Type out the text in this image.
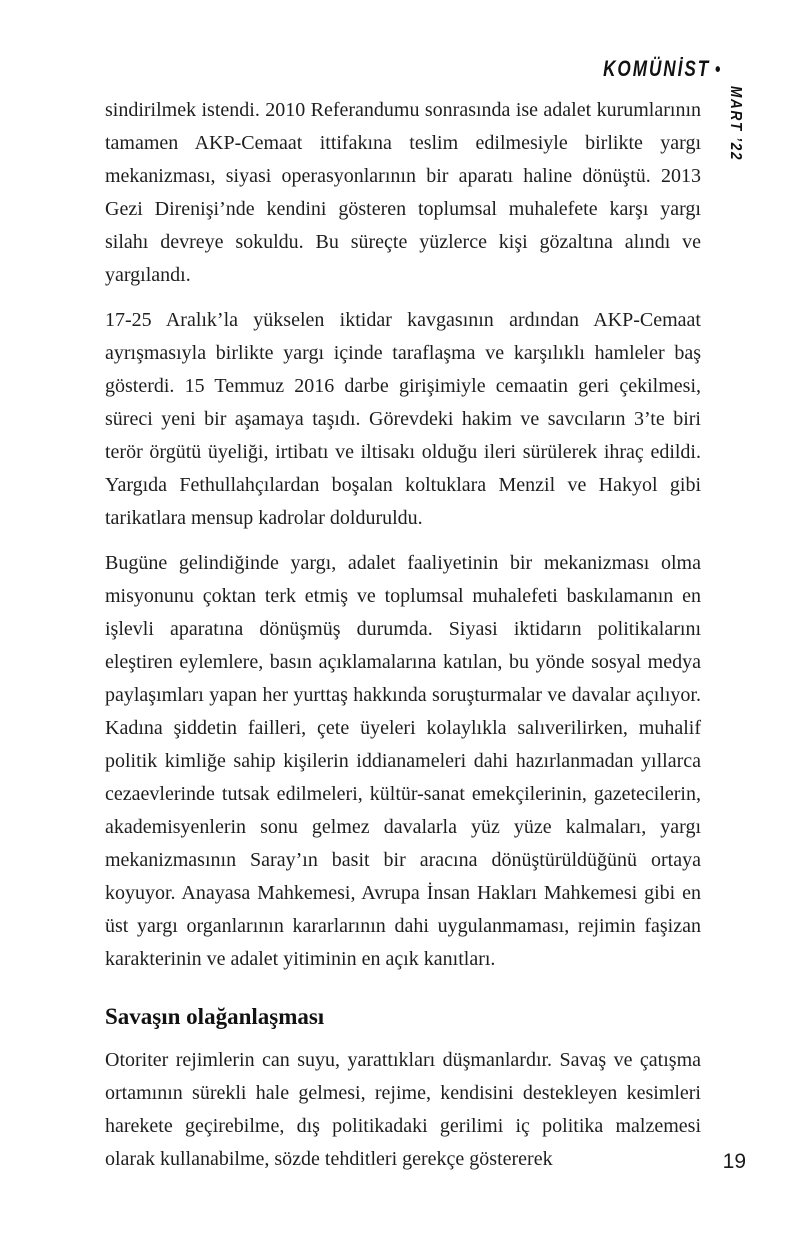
KOMÜNİST •
MART ’22

sindirilmek istendi. 2010 Referandumu sonrasında ise adalet kurumlarının tamamen AKP-Cemaat ittifakına teslim edilmesiyle birlikte yargı mekanizması, siyasi operasyonlarının bir aparatı haline dönüştü. 2013 Gezi Direnişi’nde kendini gösteren toplumsal muhalefete karşı yargı silahı devreye sokuldu. Bu süreçte yüzlerce kişi gözaltına alındı ve yargılandı.

17-25 Aralık’la yükselen iktidar kavgasının ardından AKP-Cemaat ayrışmasıyla birlikte yargı içinde taraflaşma ve karşılıklı hamleler baş gösterdi. 15 Temmuz 2016 darbe girişimiyle cemaatin geri çekilmesi, süreci yeni bir aşamaya taşıdı. Görevdeki hakim ve savcıların 3’te biri terör örgütü üyeliği, irtibatı ve iltisakı olduğu ileri sürülerek ihraç edildi. Yargıda Fethullahçılardan boşalan koltuklara Menzil ve Hakyol gibi tarikatlara mensup kadrolar dolduruldu.

Bugüne gelindiğinde yargı, adalet faaliyetinin bir mekanizması olma misyonunu çoktan terk etmiş ve toplumsal muhalefeti baskılamanın en işlevli aparatına dönüşmüş durumda. Siyasi iktidarın politikalarını eleştiren eylemlere, basın açıklamalarına katılan, bu yönde sosyal medya paylaşımları yapan her yurttaş hakkında soruşturmalar ve davalar açılıyor. Kadına şiddetin failleri, çete üyeleri kolaylıkla salıverilirken, muhalif politik kimliğe sahip kişilerin iddianameleri dahi hazırlanmadan yıllarca cezaevlerinde tutsak edilmeleri, kültür-sanat emekçilerinin, gazetecilerin, akademisyenlerin sonu gelmez davalarla yüz yüze kalmaları, yargı mekanizmasının Saray’ın basit bir aracına dönüştürüldüğünü ortaya koyuyor. Anayasa Mahkemesi, Avrupa İnsan Hakları Mahkemesi gibi en üst yargı organlarının kararlarının dahi uygulanmaması, rejimin faşizan karakterinin ve adalet yitiminin en açık kanıtları.

Savaşın olağanlaşması

Otoriter rejimlerin can suyu, yarattıkları düşmanlardır. Savaş ve çatışma ortamının sürekli hale gelmesi, rejime, kendisini destekleyen kesimleri harekete geçirebilme, dış politikadaki gerilimi iç politika malzemesi olarak kullanabilme, sözde tehditleri gerekçe göstererek	19
